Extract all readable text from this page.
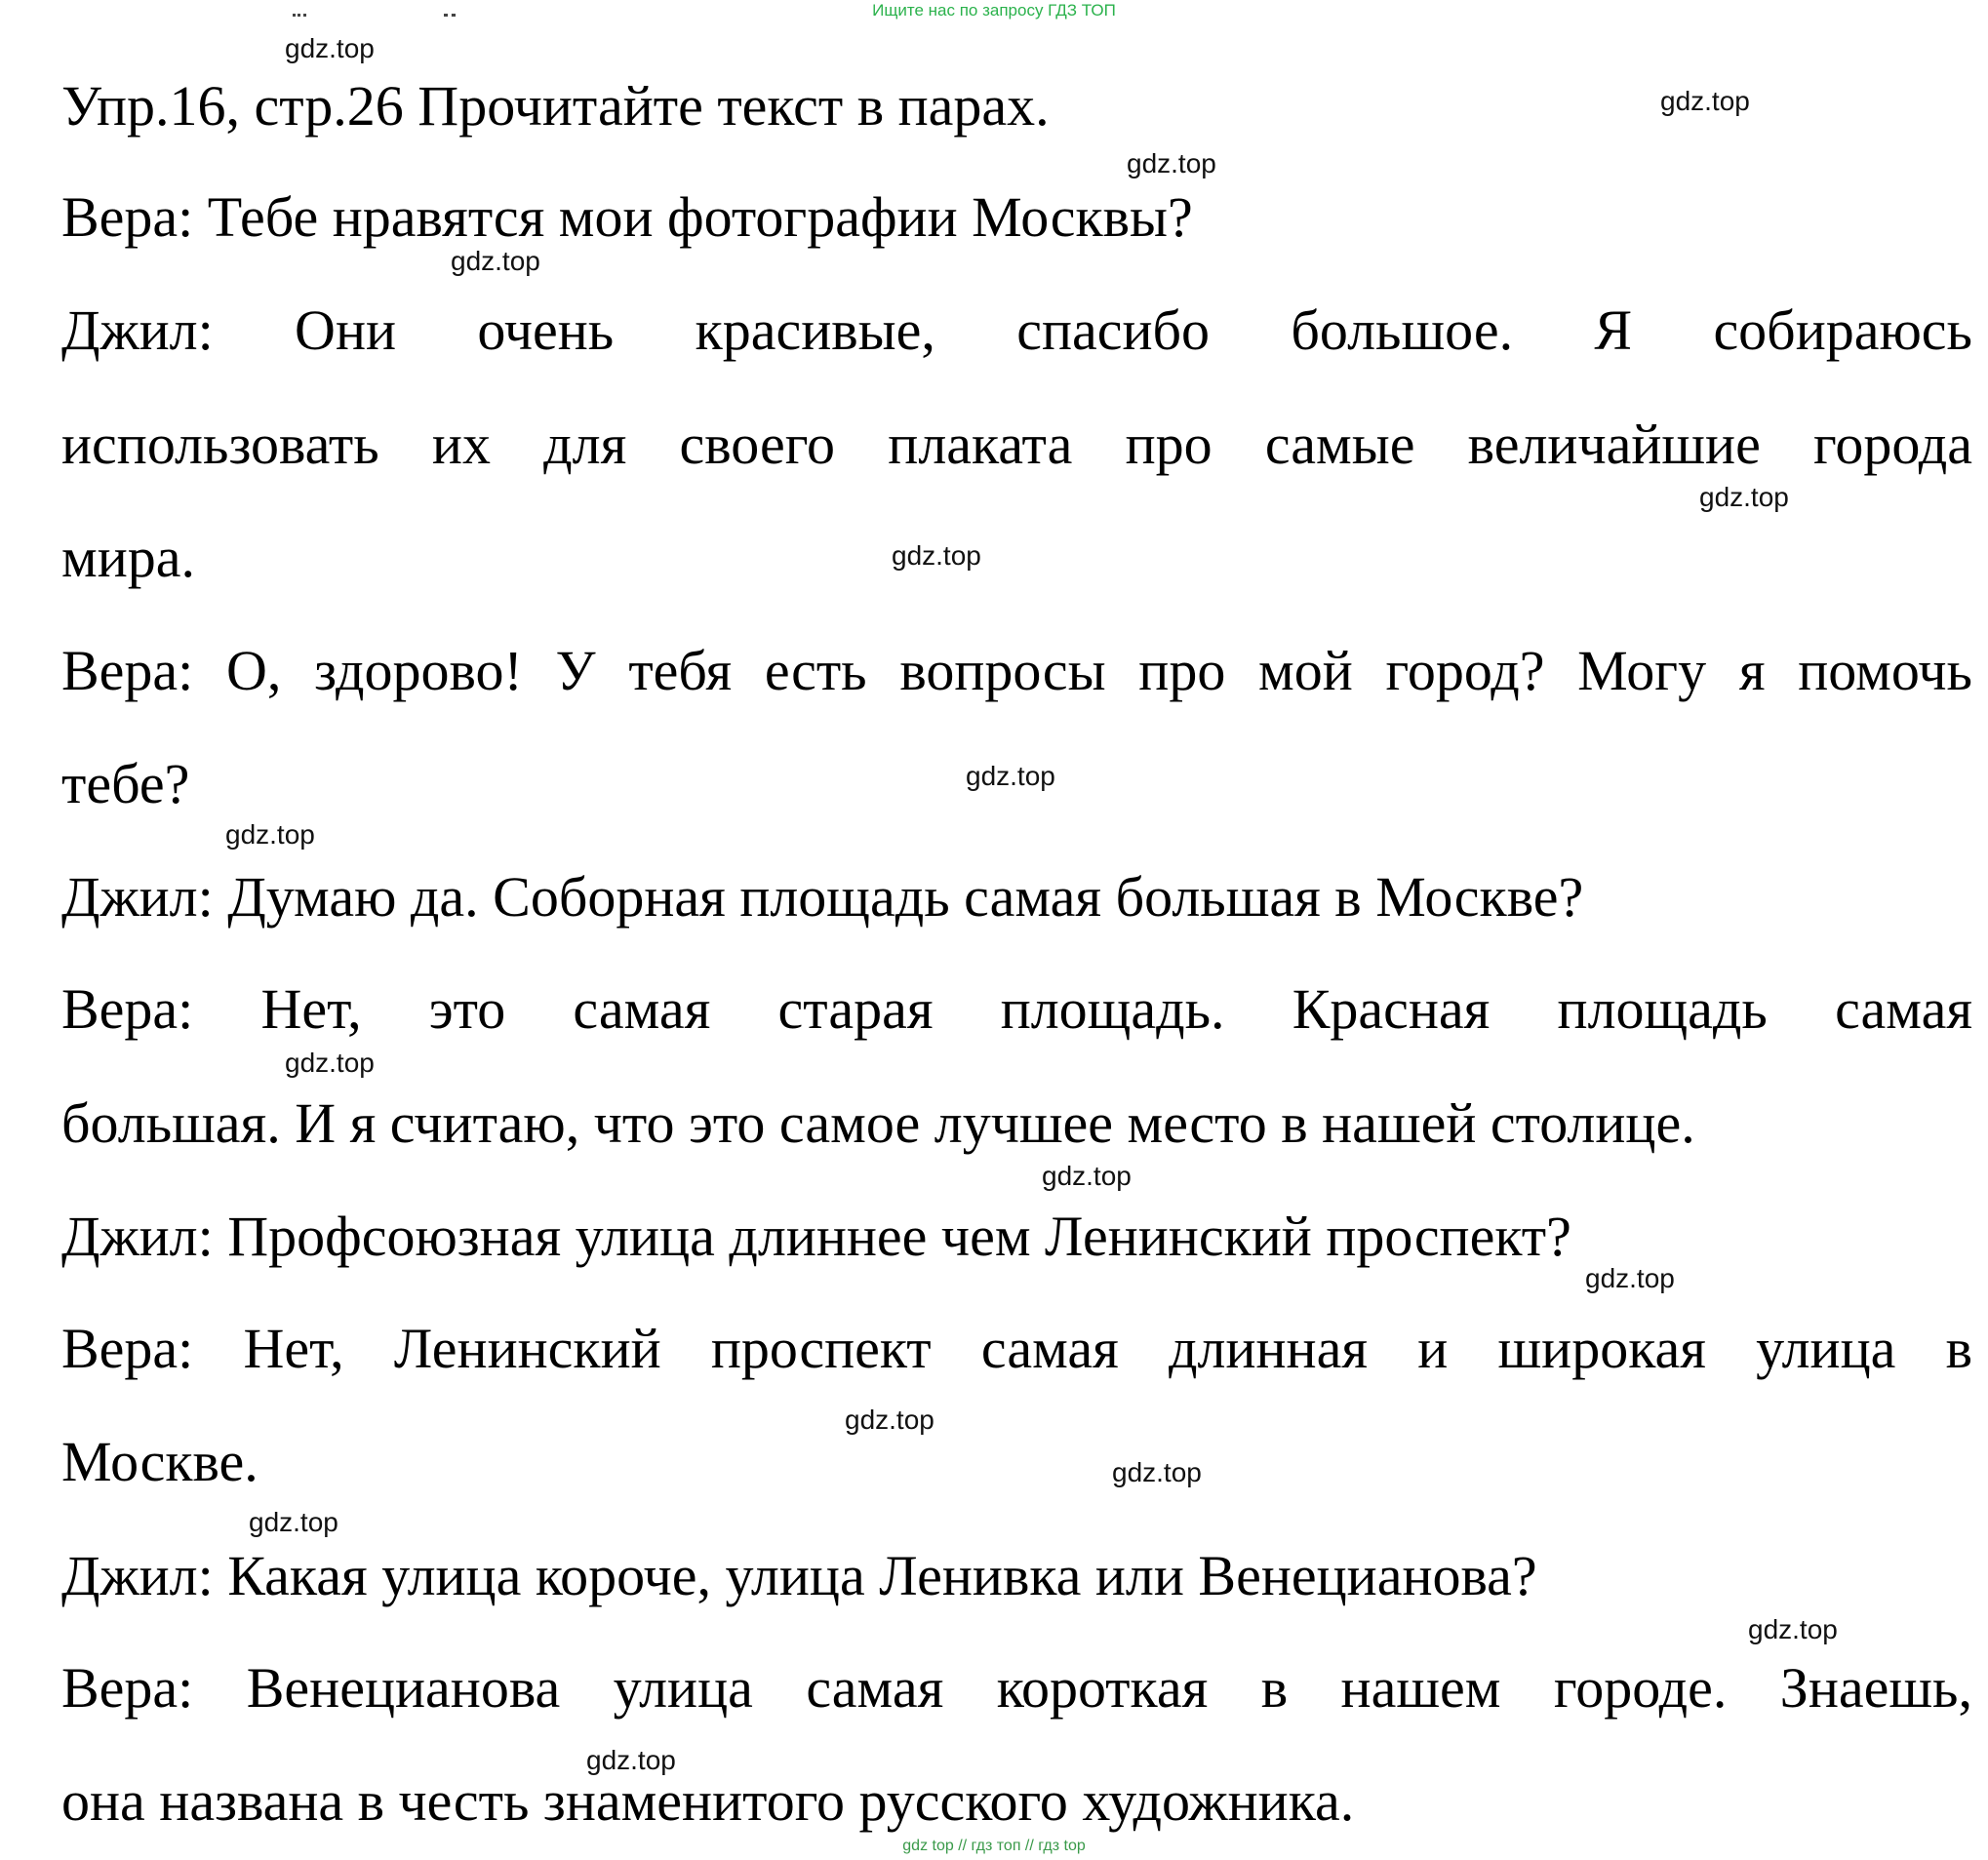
Ищите нас по запросу ГДЗ ТОП
Упр.16, стр.26 Прочитайте текст в парах.
Вера: Тебе нравятся мои фотографии Москвы?
Джил: Они очень красивые, спасибо большое. Я собираюсь
использовать их для своего плаката про самые величайшие города
мира.
Вера: О, здорово! У тебя есть вопросы про мой город? Могу я помочь
тебе?
Джил: Думаю да. Соборная площадь самая большая в Москве?
Вера: Нет, это самая старая площадь. Красная площадь самая
большая. И я считаю, что это самое лучшее место в нашей столице.
Джил: Профсоюзная улица длиннее чем Ленинский проспект?
Вера: Нет, Ленинский проспект самая длинная и широкая улица в
Москве.
Джил: Какая улица короче, улица Ленивка или Венецианова?
Вера: Венецианова улица самая короткая в нашем городе. Знаешь,
она названа в честь знаменитого русского художника.
gdz.top
gdz.top
gdz.top
gdz.top
gdz.top
gdz.top
gdz.top
gdz.top
gdz.top
gdz.top
gdz.top
gdz.top
gdz.top
gdz.top
gdz.top
gdz.top
gdz top // гдз топ // гдз top
